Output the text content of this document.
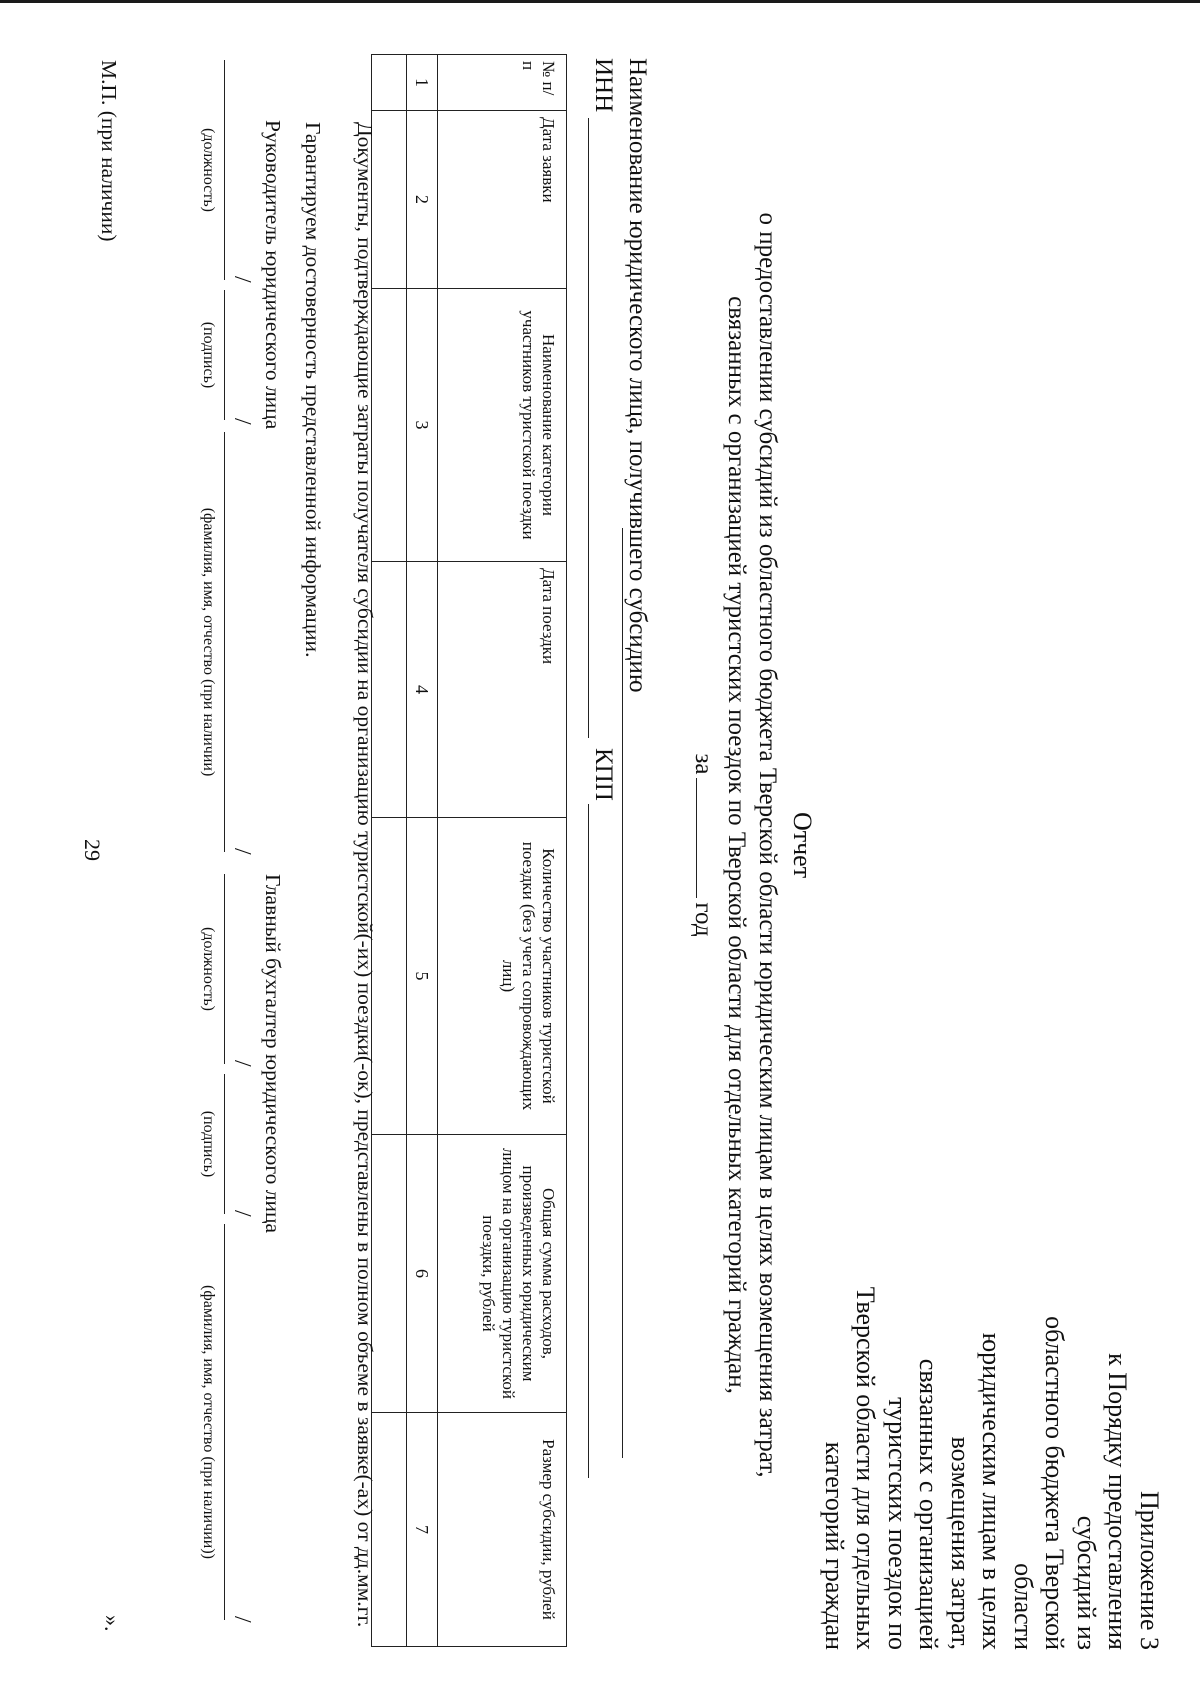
29
Приложение 3
к Порядку предоставления субсидий из
областного бюджета Тверской области
юридическим лицам в целях возмещения затрат,
связанных с организацией туристских поездок по
Тверской области для отдельных
категорий граждан
Отчет
о предоставлении субсидий из областного бюджета Тверской области юридическим лицам в целях возмещения затрат,
связанных с организацией туристских поездок по Тверской области для отдельных категорий граждан,
загод
Наименование юридического лица, получившего субсидию
ИНН
КПП
№ п/п	Дата заявки	Наименование категории участников туристской поездки	Дата поездки	Количество участников туристской поездки (без учета сопровождающих лиц)	Общая сумма расходов, произведенных юридическим лицом на организацию туристской поездки, рублей	Размер субсидии, рублей
1	2	3	4	5	6	7

Документы, подтверждающие затраты получателя субсидии на организацию туристской(-их) поездки(-ок), представлены в полном объеме в заявке(-ах) от дд.мм.гг.
Гарантируем достоверность представленной информации.
Руководитель юридического лица
/
/
/
(должность)
(подпись)
(фамилия, имя, отчество (при наличии)
Главный бухгалтер юридического лица
/
/
/
(должность)
(подпись)
(фамилия, имя, отчество (при наличии))
М.П. (при наличии)
».
